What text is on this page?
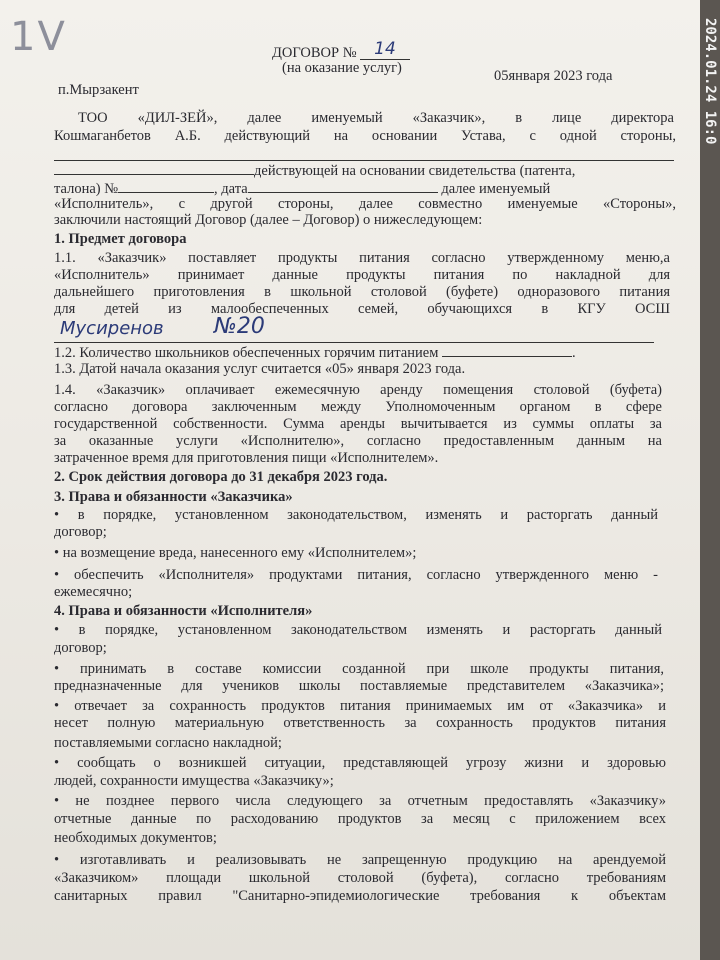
1V	ДОГОВОР № 14
(на оказание услуг)	05января 2023 года
п.Мырзакент
ТОО «ДИЛ-ЗЕЙ», далее именуемый «Заказчик», в лице директора
Кошмаганбетов А.Б. действующий на основании Устава, с одной стороны,
действующей на основании свидетельства (патента,
талона) №	, дата	далее именуемый
«Исполнитель», с другой стороны, далее совместно именуемые «Стороны»,
заключили настоящий Договор (далее – Договор) о нижеследующем:
1. Предмет договора
1.1. «Заказчик» поставляет продукты питания согласно утвержденному меню,а
«Исполнитель» принимает данные продукты питания по накладной для
дальнейшего приготовления в школьной столовой (буфете) одноразового питания
для детей из малообеспеченных семей, обучающихся в КГУ ОСШ
Мусиренов №20
1.2. Количество школьников обеспеченных горячим питанием	.
1.3. Датой начала оказания услуг считается «05» января 2023 года.
1.4. «Заказчик» оплачивает ежемесячную аренду помещения столовой (буфета)
согласно договора заключенным между Уполномоченным органом в сфере
государственной собственности. Сумма аренды вычитывается из суммы оплаты за
за оказанные услуги «Исполнителю», согласно предоставленным данным на
затраченное время для приготовления пищи «Исполнителем».
2. Срок действия договора до 31 декабря 2023 года.
3. Права и обязанности «Заказчика»
• в порядке, установленном законодательством, изменять и расторгать данный
договор;
• на возмещение вреда, нанесенного ему «Исполнителем»;
• обеспечить «Исполнителя» продуктами питания, согласно утвержденного меню -
ежемесячно;
4. Права и обязанности «Исполнителя»
• в порядке, установленном законодательством изменять и расторгать данный
договор;
• принимать в составе комиссии созданной при школе продукты питания,
предназначенные для учеников школы поставляемые представителем «Заказчика»;
• отвечает за сохранность продуктов питания принимаемых им от «Заказчика» и
несет полную материальную ответственность за сохранность продуктов питания
поставляемыми согласно накладной;
• сообщать о возникшей ситуации, представляющей угрозу жизни и здоровью
людей, сохранности имущества «Заказчику»;
• не позднее первого числа следующего за отчетным предоставлять «Заказчику»
отчетные данные по расходованию продуктов за месяц с приложением всех
необходимых документов;
• изготавливать и реализовывать не запрещенную продукцию на арендуемой
«Заказчиком» площади школьной столовой (буфета), согласно требованиям
санитарных правил "Санитарно-эпидемиологические требования к объектам
2024.01.24 16:0
